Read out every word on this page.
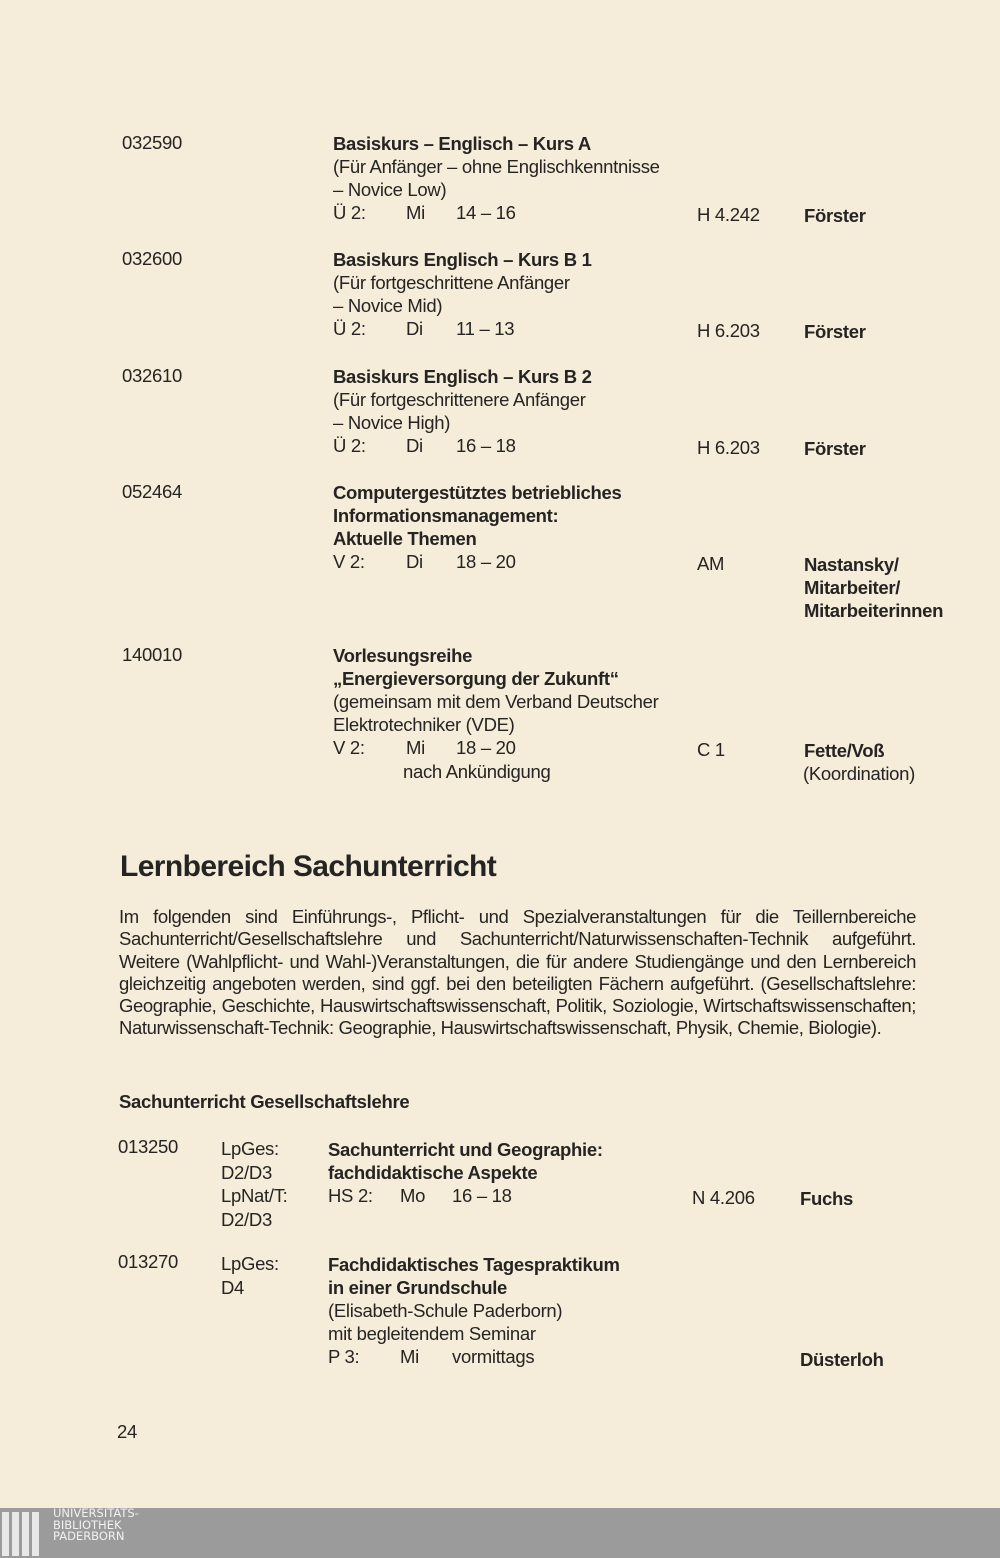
032590	Basiskurs – Englisch – Kurs A
(Für Anfänger – ohne Englischkenntnisse
– Novice Low)
Ü 2: Mi 14 – 16	H 4.242 Förster
032600	Basiskurs Englisch – Kurs B 1
(Für fortgeschrittene Anfänger
– Novice Mid)
Ü 2: Di 11 – 13	H 6.203 Förster
032610	Basiskurs Englisch – Kurs B 2
(Für fortgeschrittenere Anfänger
– Novice High)
Ü 2: Di 16 – 18	H 6.203 Förster
052464	Computergestütztes betriebliches
Informationsmanagement:
Aktuelle Themen
V 2: Di 18 – 20	AM	Nastansky/
Mitarbeiter/
Mitarbeiterinnen
140010	Vorlesungsreihe
„Energieversorgung der Zukunft“
(gemeinsam mit dem Verband Deutscher
Elektrotechniker (VDE)
V 2: Mi 18 – 20	C 1	Fette/Voß
nach Ankündigung	(Koordination)
Lernbereich Sachunterricht
Im folgenden sind Einführungs-, Pflicht- und Spezialveranstaltungen für die Teillernbereiche Sachunterricht/Gesellschaftslehre und Sachunterricht/Naturwissenschaften-Technik aufgeführt. Weitere (Wahlpflicht- und Wahl-)Veranstaltungen, die für andere Studiengänge und den Lernbereich gleichzeitig angeboten werden, sind ggf. bei den beteiligten Fächern aufgeführt. (Gesellschaftslehre: Geographie, Geschichte, Hauswirtschaftswissenschaft, Politik, Soziologie, Wirtschaftswissenschaften; Naturwissenschaft-Technik: Geographie, Hauswirtschaftswissenschaft, Physik, Chemie, Biologie).
Sachunterricht Gesellschaftslehre
013250 LpGes:
D2/D3
LpNat/T:
D2/D3
Sachunterricht und Geographie:
fachdidaktische Aspekte
HS 2: Mo 16 – 18	N 4.206 Fuchs
013270 LpGes:
D4
Fachdidaktisches Tagespraktikum
in einer Grundschule
(Elisabeth-Schule Paderborn)
mit begleitendem Seminar
P 3: Mi vormittags	Düsterloh
24
UNIVERSITÄTS-
BIBLIOTHEK
PADERBORN
